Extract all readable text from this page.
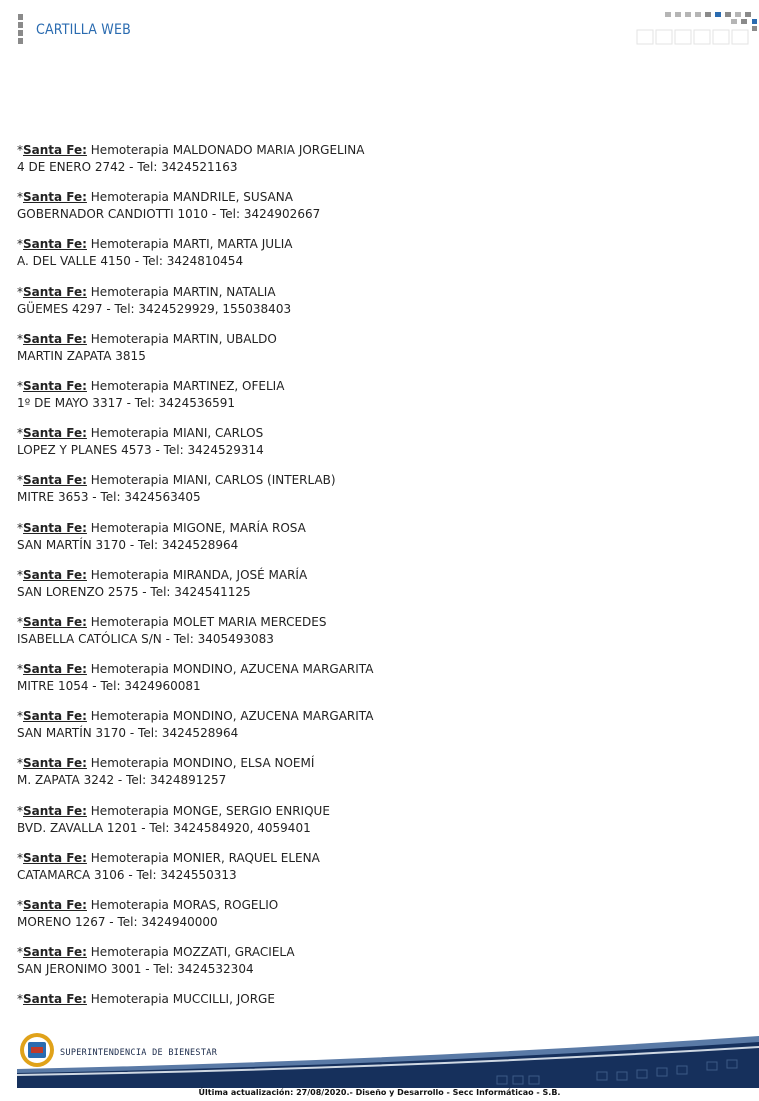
CARTILLA WEB
*Santa Fe: Hemoterapia MALDONADO MARIA JORGELINA
4 DE ENERO 2742 - Tel: 3424521163
*Santa Fe: Hemoterapia MANDRILE, SUSANA
GOBERNADOR CANDIOTTI 1010 - Tel: 3424902667
*Santa Fe: Hemoterapia MARTI, MARTA JULIA
A. DEL VALLE 4150 - Tel: 3424810454
*Santa Fe: Hemoterapia MARTIN, NATALIA
GÜEMES 4297 - Tel: 3424529929, 155038403
*Santa Fe: Hemoterapia MARTIN, UBALDO
MARTIN ZAPATA 3815
*Santa Fe: Hemoterapia MARTINEZ, OFELIA
1º DE MAYO 3317 - Tel: 3424536591
*Santa Fe: Hemoterapia MIANI, CARLOS
LOPEZ Y PLANES 4573 - Tel: 3424529314
*Santa Fe: Hemoterapia MIANI, CARLOS (INTERLAB)
MITRE 3653 - Tel: 3424563405
*Santa Fe: Hemoterapia MIGONE, MARÍA ROSA
SAN MARTÍN 3170 - Tel: 3424528964
*Santa Fe: Hemoterapia MIRANDA, JOSÉ MARÍA
SAN LORENZO 2575 - Tel: 3424541125
*Santa Fe: Hemoterapia MOLET MARIA MERCEDES
ISABELLA CATÓLICA S/N - Tel: 3405493083
*Santa Fe: Hemoterapia MONDINO, AZUCENA MARGARITA
MITRE 1054 - Tel: 3424960081
*Santa Fe: Hemoterapia MONDINO, AZUCENA MARGARITA
SAN MARTÍN 3170 - Tel: 3424528964
*Santa Fe: Hemoterapia MONDINO, ELSA NOEMÍ
M. ZAPATA 3242 - Tel: 3424891257
*Santa Fe: Hemoterapia MONGE, SERGIO ENRIQUE
BVD. ZAVALLA 1201 - Tel: 3424584920, 4059401
*Santa Fe: Hemoterapia MONIER, RAQUEL ELENA
CATAMARCA 3106 - Tel: 3424550313
*Santa Fe: Hemoterapia MORAS, ROGELIO
MORENO 1267 - Tel: 3424940000
*Santa Fe: Hemoterapia MOZZATI, GRACIELA
SAN JERONIMO 3001 - Tel: 3424532304
*Santa Fe: Hemoterapia MUCCILLI, JORGE
SUPERINTENDENCIA DE BIENESTAR
Última actualización: 27/08/2020.- Diseño y Desarrollo - Secc Informáticao - S.B.
